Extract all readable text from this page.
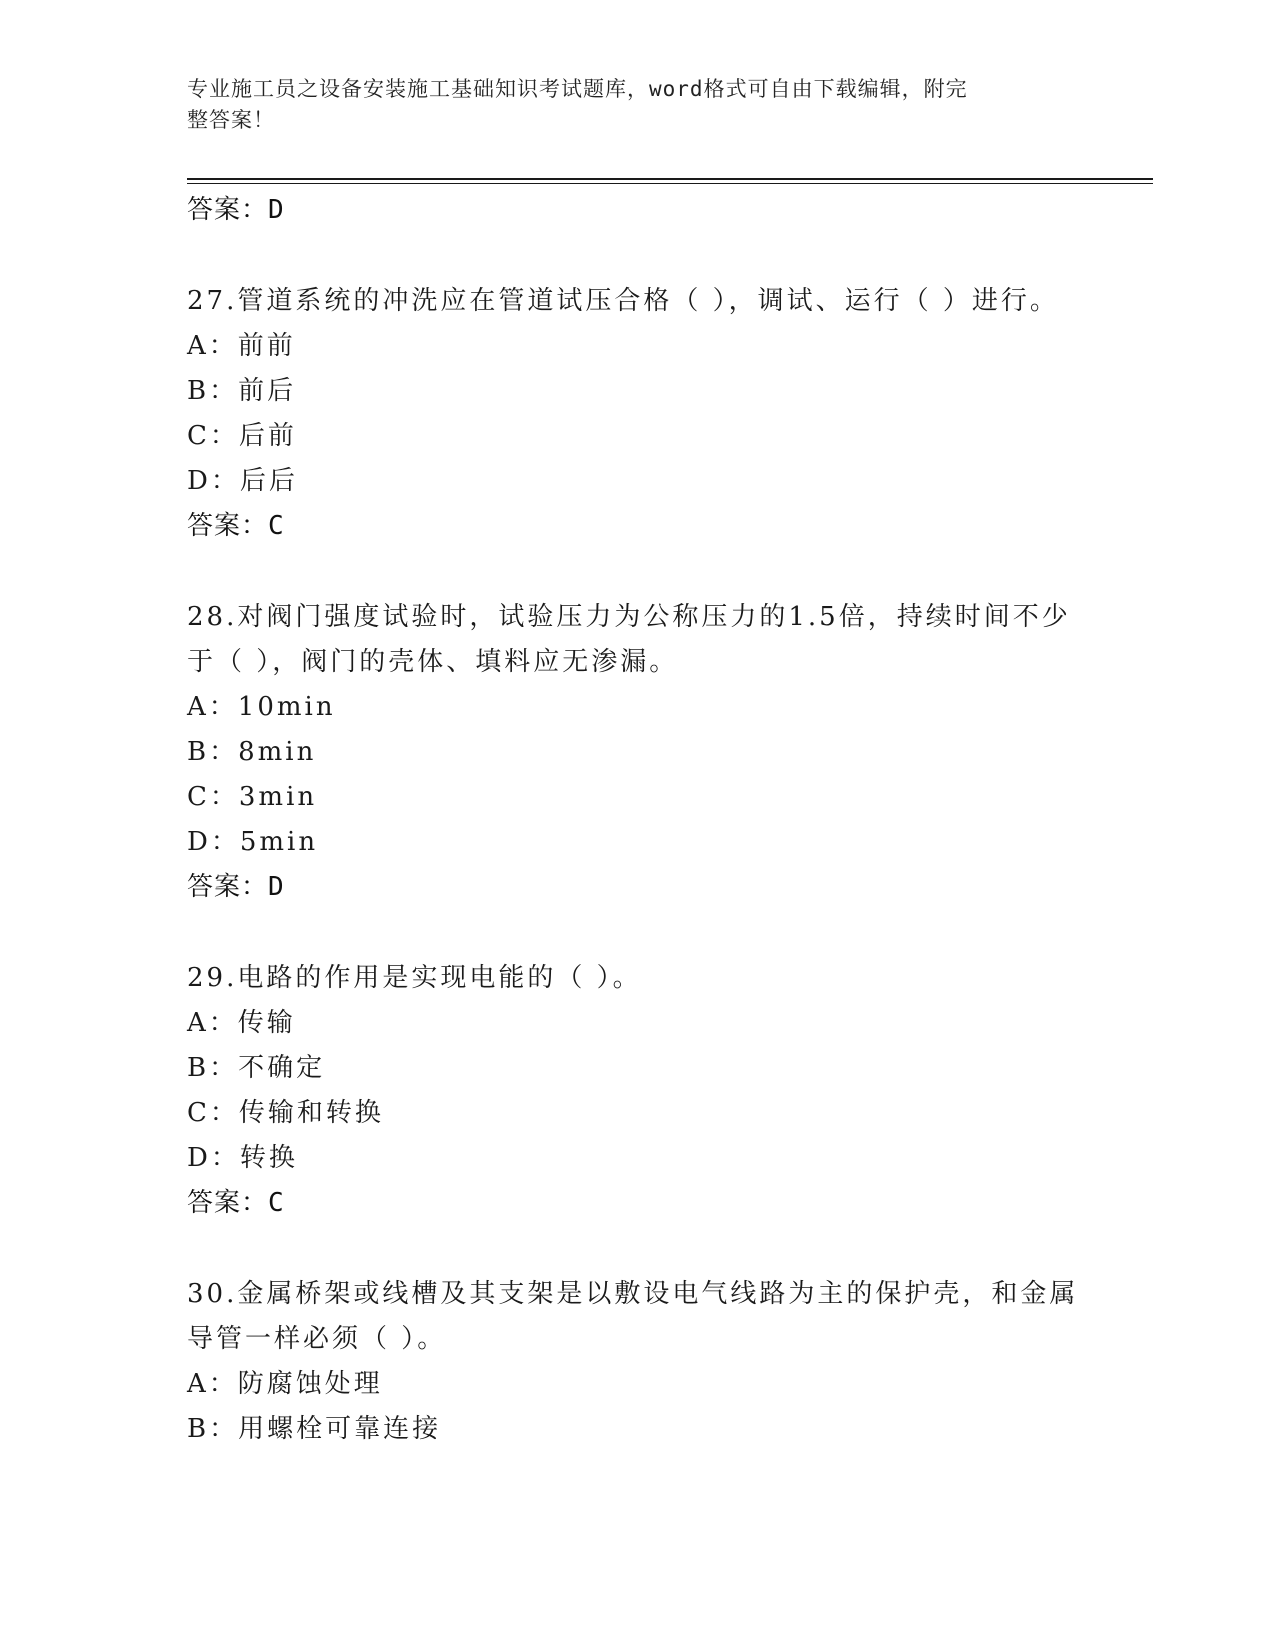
专业施工员之设备安装施工基础知识考试题库，word格式可自由下载编辑，附完
整答案！
答案：D
27.管道系统的冲洗应在管道试压合格（ ），调试、运行（ ）进行。
A：前前
B：前后
C：后前
D：后后
答案：C
28.对阀门强度试验时，试验压力为公称压力的1.5倍，持续时间不少
于（ ），阀门的壳体、填料应无渗漏。
A：10min
B：8min
C：3min
D：5min
答案：D
29.电路的作用是实现电能的（ ）。
A：传输
B：不确定
C：传输和转换
D：转换
答案：C
30.金属桥架或线槽及其支架是以敷设电气线路为主的保护壳，和金属
导管一样必须（ ）。
A：防腐蚀处理
B：用螺栓可靠连接
